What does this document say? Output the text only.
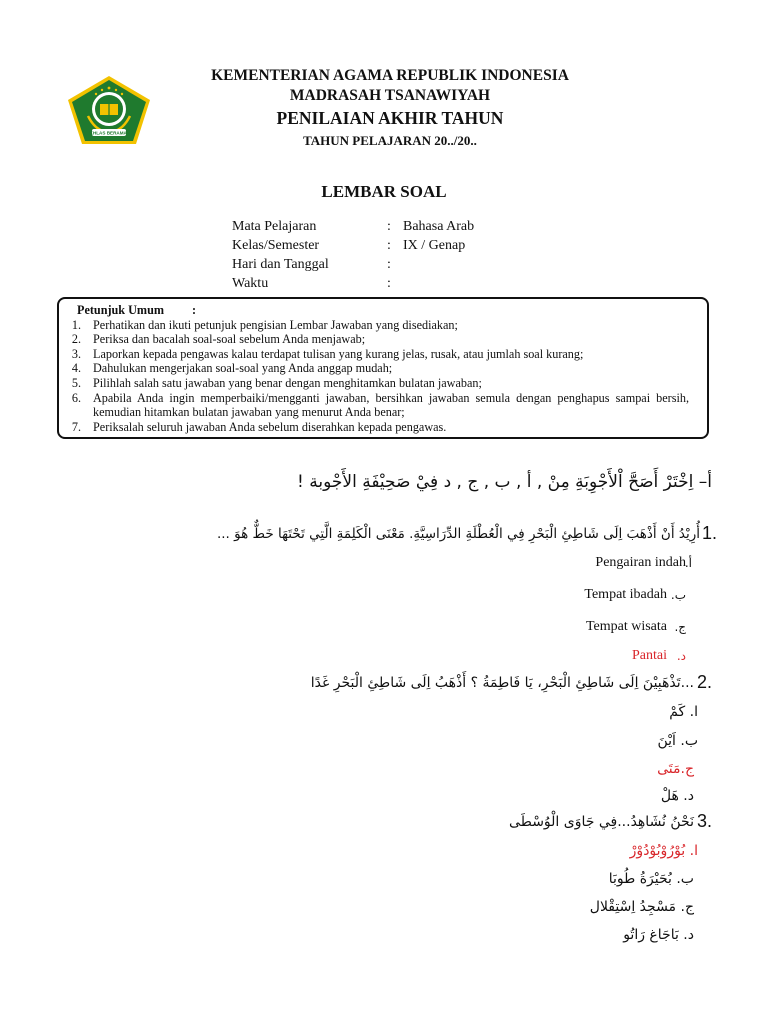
IKHLAS BERAMAL
KEMENTERIAN AGAMA REPUBLIK INDONESIA
MADRASAH TSANAWIYAH
PENILAIAN AKHIR TAHUN
TAHUN PELAJARAN 20../20..
LEMBAR SOAL
Mata Pelajaran	: Bahasa Arab
Kelas/Semester	: IX / Genap
Hari dan Tanggal	:
Waktu	:
Petunjuk Umum :
1. Perhatikan dan ikuti petunjuk pengisian Lembar Jawaban yang disediakan;
2. Periksa dan bacalah soal-soal sebelum Anda menjawab;
3. Laporkan kepada pengawas kalau terdapat tulisan yang kurang jelas, rusak, atau jumlah soal kurang;
4. Dahulukan mengerjakan soal-soal yang Anda anggap mudah;
5. Pilihlah salah satu jawaban yang benar dengan menghitamkan bulatan jawaban;
6. Apabila Anda ingin memperbaiki/mengganti jawaban, bersihkan jawaban semula dengan penghapus sampai bersih, kemudian hitamkan bulatan jawaban yang menurut Anda benar;
7. Periksalah seluruh jawaban Anda sebelum diserahkan kepada pengawas.
أ– اِخْتَرْ أَصَحَّ اْلأَجْوِبَةِ مِنْ , أ , ب , ج , د فِيْ صَحِيْفَةِ الأَجْوبة !
1.
أُرِيْدُ أَنْ أَذْهَبَ اِلَى شَاطِئِ الْبَحْرِ فِي الْعُطْلَةِ الدِّرَاسِيَّةِ. مَعْنَى الْكَلِمَةِ الَّتِي تَحْتَهَا خَطٌّ هُوَ ...
Pengairan indah
أ.
Tempat ibadah ب.
Tempat wisata ج.
Pantai د.
2.
...تَذْهَبِيْنَ اِلَى شَاطِئِ الْبَحْرِ، يَا فَاطِمَةُ ؟ أَذْهَبُ اِلَى شَاطِئِ الْبَحْرِ غَدًا
ا. كَمْ
ب. اَيْنَ
ج.مَتَى
د. هَلْ
3.
نَحْنُ نُشَاهِدُ...فِي جَاوَى الْوُسْطَى
ا. بُوْرُوْبُوْدُوْرْ
ب. بُحَيْرَةُ طُوبَا
ج. مَسْجِدُ اِسْتِقْلال
د. بَاجَاغ رَاتُو
